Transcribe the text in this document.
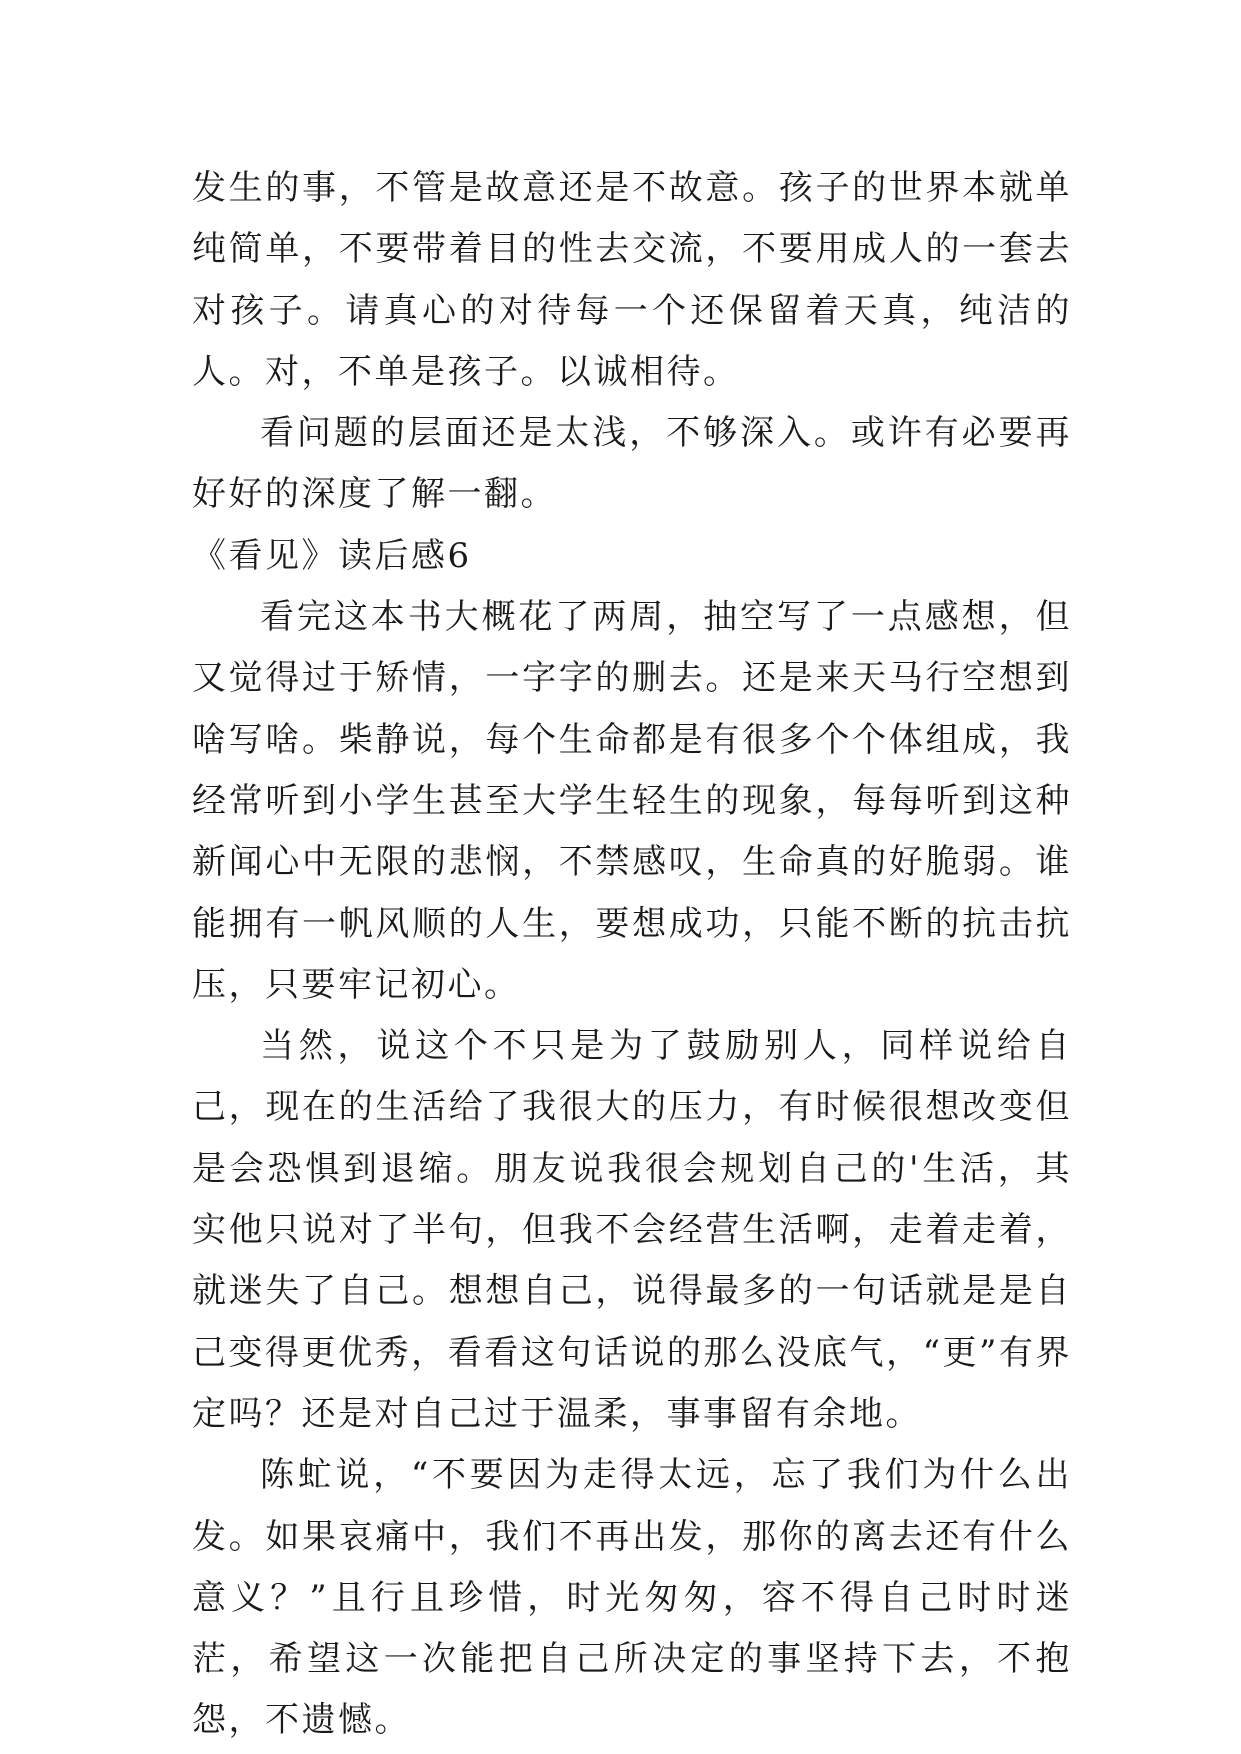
发生的事，不管是故意还是不故意。孩子的世界本就单纯简单，不要带着目的性去交流，不要用成人的一套去对孩子。请真心的对待每一个还保留着天真，纯洁的人。对，不单是孩子。以诚相待。

看问题的层面还是太浅，不够深入。或许有必要再好好的深度了解一翻。

《看见》读后感6

看完这本书大概花了两周，抽空写了一点感想，但又觉得过于矫情，一字字的删去。还是来天马行空想到啥写啥。柴静说，每个生命都是有很多个个体组成，我经常听到小学生甚至大学生轻生的现象，每每听到这种新闻心中无限的悲悯，不禁感叹，生命真的好脆弱。谁能拥有一帆风顺的人生，要想成功，只能不断的抗击抗压，只要牢记初心。

当然，说这个不只是为了鼓励别人，同样说给自己，现在的生活给了我很大的压力，有时候很想改变但是会恐惧到退缩。朋友说我很会规划自己的'生活，其实他只说对了半句，但我不会经营生活啊，走着走着，就迷失了自己。想想自己，说得最多的一句话就是是自己变得更优秀，看看这句话说的那么没底气，“更”有界定吗？还是对自己过于温柔，事事留有余地。

陈虻说，“不要因为走得太远，忘了我们为什么出发。如果哀痛中，我们不再出发，那你的离去还有什么意义？”且行且珍惜，时光匆匆，容不得自己时时迷茫，希望这一次能把自己所决定的事坚持下去，不抱怨，不遗憾。
